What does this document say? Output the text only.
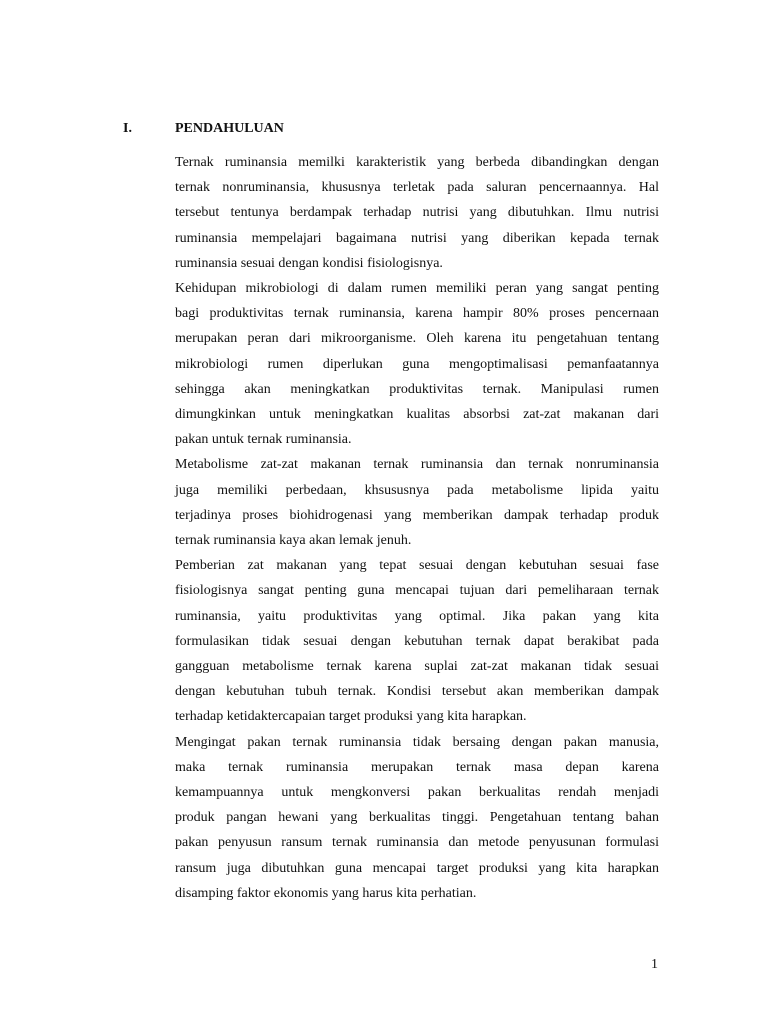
I.	PENDAHULUAN

Ternak ruminansia memilki karakteristik yang berbeda dibandingkan dengan
ternak nonruminansia, khususnya terletak pada saluran pencernaannya. Hal
tersebut tentunya berdampak terhadap nutrisi yang dibutuhkan. Ilmu nutrisi
ruminansia mempelajari bagaimana nutrisi yang diberikan kepada ternak
ruminansia sesuai dengan kondisi fisiologisnya.

Kehidupan mikrobiologi di dalam rumen memiliki peran yang sangat penting
bagi produktivitas ternak ruminansia, karena hampir 80% proses pencernaan
merupakan peran dari mikroorganisme. Oleh karena itu pengetahuan tentang
mikrobiologi rumen diperlukan guna mengoptimalisasi pemanfaatannya
sehingga akan meningkatkan produktivitas ternak. Manipulasi rumen
dimungkinkan untuk meningkatkan kualitas absorbsi zat-zat makanan dari
pakan untuk ternak ruminansia.

Metabolisme zat-zat makanan ternak ruminansia dan ternak nonruminansia
juga memiliki perbedaan, khsususnya pada metabolisme lipida yaitu
terjadinya proses biohidrogenasi yang memberikan dampak terhadap produk
ternak ruminansia kaya akan lemak jenuh.

Pemberian zat makanan yang tepat sesuai dengan kebutuhan sesuai fase
fisiologisnya sangat penting guna mencapai tujuan dari pemeliharaan ternak
ruminansia, yaitu produktivitas yang optimal. Jika pakan yang kita
formulasikan tidak sesuai dengan kebutuhan ternak dapat berakibat pada
gangguan metabolisme ternak karena suplai zat-zat makanan tidak sesuai
dengan kebutuhan tubuh ternak. Kondisi tersebut akan memberikan dampak
terhadap ketidaktercapaian target produksi yang kita harapkan.

Mengingat pakan ternak ruminansia tidak bersaing dengan pakan manusia,
maka ternak ruminansia merupakan ternak masa depan karena
kemampuannya untuk mengkonversi pakan berkualitas rendah menjadi
produk pangan hewani yang berkualitas tinggi. Pengetahuan tentang bahan
pakan penyusun ransum ternak ruminansia dan metode penyusunan formulasi
ransum juga dibutuhkan guna mencapai target produksi yang kita harapkan
disamping faktor ekonomis yang harus kita perhatian.

1
